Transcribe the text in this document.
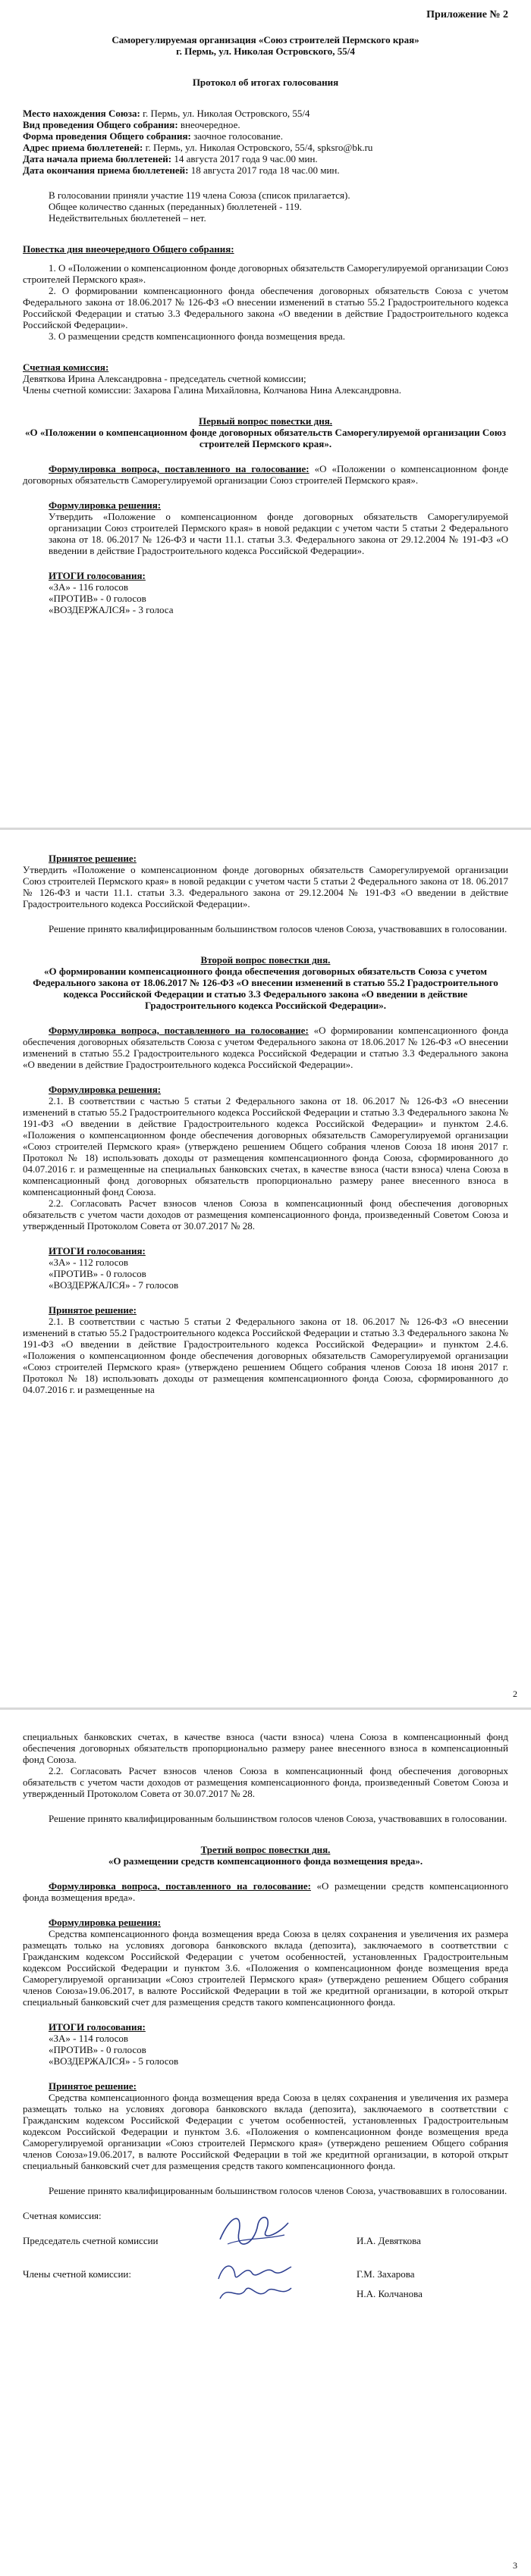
Приложение № 2

Саморегулируемая организация «Союз строителей Пермского края»

г. Пермь, ул. Николая Островского, 55/4

Протокол об итогах голосования

Место нахождения Союза: г. Пермь, ул. Николая Островского, 55/4

Вид проведения Общего собрания: внеочередное.

Форма проведения Общего собрания: заочное голосование.

Адрес приема бюллетеней: г. Пермь, ул. Николая Островского, 55/4, spksro@bk.ru

Дата начала приема бюллетеней: 14 августа 2017 года 9 час.00 мин.

Дата окончания приема бюллетеней: 18 августа 2017 года 18 час.00 мин.

В голосовании приняли участие 119 члена Союза (список прилагается).

Общее количество сданных (переданных) бюллетеней - 119.

Недействительных бюллетеней – нет.

Повестка дня внеочередного Общего собрания:

1. О «Положении о компенсационном фонде договорных обязательств Саморегулируемой организации Союз строителей Пермского края».

2. О формировании компенсационного фонда обеспечения договорных обязательств Союза с учетом Федерального закона от 18.06.2017 № 126-ФЗ «О внесении изменений в статью 55.2 Градостроительного кодекса Российской Федерации и статью 3.3 Федерального закона «О введении в действие Градостроительного кодекса Российской Федерации».

3. О размещении средств компенсационного фонда возмещения вреда.

Счетная комиссия:

Девяткова Ирина Александровна - председатель счетной комиссии;

Члены счетной комиссии: Захарова Галина Михайловна, Колчанова Нина Александровна.

Первый вопрос повестки дня.

«О «Положении о компенсационном фонде договорных обязательств Саморегулируемой организации Союз строителей Пермского края».

Формулировка вопроса, поставленного на голосование: «О «Положении о компенсационном фонде договорных обязательств Саморегулируемой организации Союз строителей Пермского края».

Формулировка решения:

Утвердить «Положение о компенсационном фонде договорных обязательств Саморегулируемой организации Союз строителей Пермского края» в новой редакции с учетом части 5 статьи 2 Федерального закона от 18. 06.2017 № 126-ФЗ и части 11.1. статьи 3.3. Федерального закона от 29.12.2004 № 191-ФЗ «О введении в действие Градостроительного кодекса Российской Федерации».

ИТОГИ голосования:

«ЗА» - 116 голосов

«ПРОТИВ» - 0 голосов

«ВОЗДЕРЖАЛСЯ» - 3 голоса

Принятое решение:

Утвердить «Положение о компенсационном фонде договорных обязательств Саморегулируемой организации Союз строителей Пермского края» в новой редакции с учетом части 5 статьи 2 Федерального закона от 18. 06.2017 № 126-ФЗ и части 11.1. статьи 3.3. Федерального закона от 29.12.2004 № 191-ФЗ «О введении в действие Градостроительного кодекса Российской Федерации».

Решение принято квалифицированным большинством голосов членов Союза, участвовавших в голосовании.

Второй вопрос повестки дня.

«О формировании компенсационного фонда обеспечения договорных обязательств Союза с учетом Федерального закона от 18.06.2017 № 126-ФЗ «О внесении изменений в статью 55.2 Градостроительного кодекса Российской Федерации и статью 3.3 Федерального закона «О введении в действие Градостроительного кодекса Российской Федерации».

Формулировка вопроса, поставленного на голосование: «О формировании компенсационного фонда обеспечения договорных обязательств Союза с учетом Федерального закона от 18.06.2017 № 126-ФЗ «О внесении изменений в статью 55.2 Градостроительного кодекса Российской Федерации и статью 3.3 Федерального закона «О введении в действие Градостроительного кодекса Российской Федерации».

Формулировка решения:

2.1. В соответствии с частью 5 статьи 2 Федерального закона от 18. 06.2017 № 126-ФЗ «О внесении изменений в статью 55.2 Градостроительного кодекса Российской Федерации и статью 3.3 Федерального закона № 191-ФЗ «О введении в действие Градостроительного кодекса Российской Федерации» и пунктом 2.4.6. «Положения о компенсационном фонде обеспечения договорных обязательств Саморегулируемой организации «Союз строителей Пермского края» (утверждено решением Общего собрания членов Союза 18 июня 2017 г. Протокол № 18) использовать доходы от размещения компенсационного фонда Союза, сформированного до 04.07.2016 г. и размещенные на специальных банковских счетах, в качестве взноса (части взноса) члена Союза в компенсационный фонд договорных обязательств пропорционально размеру ранее внесенного взноса в компенсационный фонд Союза.

2.2. Согласовать Расчет взносов членов Союза в компенсационный фонд обеспечения договорных обязательств с учетом части доходов от размещения компенсационного фонда, произведенный Советом Союза и утвержденный Протоколом Совета от 30.07.2017 № 28.

ИТОГИ голосования:

«ЗА» - 112 голосов

«ПРОТИВ» - 0 голосов

«ВОЗДЕРЖАЛСЯ» - 7 голосов

Принятое решение:

2.1. В соответствии с частью 5 статьи 2 Федерального закона от 18. 06.2017 № 126-ФЗ «О внесении изменений в статью 55.2 Градостроительного кодекса Российской Федерации и статью 3.3 Федерального закона № 191-ФЗ «О введении в действие Градостроительного кодекса Российской Федерации» и пунктом 2.4.6. «Положения о компенсационном фонде обеспечения договорных обязательств Саморегулируемой организации «Союз строителей Пермского края» (утверждено решением Общего собрания членов Союза 18 июня 2017 г. Протокол № 18) использовать доходы от размещения компенсационного фонда Союза, сформированного до 04.07.2016 г. и размещенные на

2

специальных банковских счетах, в качестве взноса (части взноса) члена Союза в компенсационный фонд обеспечения договорных обязательств пропорционально размеру ранее внесенного взноса в компенсационный фонд Союза.

2.2. Согласовать Расчет взносов членов Союза в компенсационный фонд обеспечения договорных обязательств с учетом части доходов от размещения компенсационного фонда, произведенный Советом Союза и утвержденный Протоколом Совета от 30.07.2017 № 28.

Решение принято квалифицированным большинством голосов членов Союза, участвовавших в голосовании.

Третий вопрос повестки дня.

«О размещении средств компенсационного фонда возмещения вреда».

Формулировка вопроса, поставленного на голосование: «О размещении средств компенсационного фонда возмещения вреда».

Формулировка решения:

Средства компенсационного фонда возмещения вреда Союза в целях сохранения и увеличения их размера размещать только на условиях договора банковского вклада (депозита), заключаемого в соответствии с Гражданским кодексом Российской Федерации с учетом особенностей, установленных Градостроительным кодексом Российской Федерации и пунктом 3.6. «Положения о компенсационном фонде возмещения вреда Саморегулируемой организации «Союз строителей Пермского края» (утверждено решением Общего собрания членов Союза»19.06.2017, в валюте Российской Федерации в той же кредитной организации, в которой открыт специальный банковский счет для размещения средств такого компенсационного фонда.

ИТОГИ голосования:

«ЗА» - 114 голосов

«ПРОТИВ» - 0 голосов

«ВОЗДЕРЖАЛСЯ» - 5 голосов

Принятое решение:

Средства компенсационного фонда возмещения вреда Союза в целях сохранения и увеличения их размера размещать только на условиях договора банковского вклада (депозита), заключаемого в соответствии с Гражданским кодексом Российской Федерации с учетом особенностей, установленных Градостроительным кодексом Российской Федерации и пунктом 3.6. «Положения о компенсационном фонде возмещения вреда Саморегулируемой организации «Союз строителей Пермского края» (утверждено решением Общего собрания членов Союза»19.06.2017, в валюте Российской Федерации в той же кредитной организации, в которой открыт специальный банковский счет для размещения средств такого компенсационного фонда.

Решение принято квалифицированным большинством голосов членов Союза, участвовавших в голосовании.

Счетная комиссия:

Председатель счетной комиссии	И.А. Девяткова
Члены счетной комиссии:	Г.М. Захарова
Н.А. Колчанова
3
